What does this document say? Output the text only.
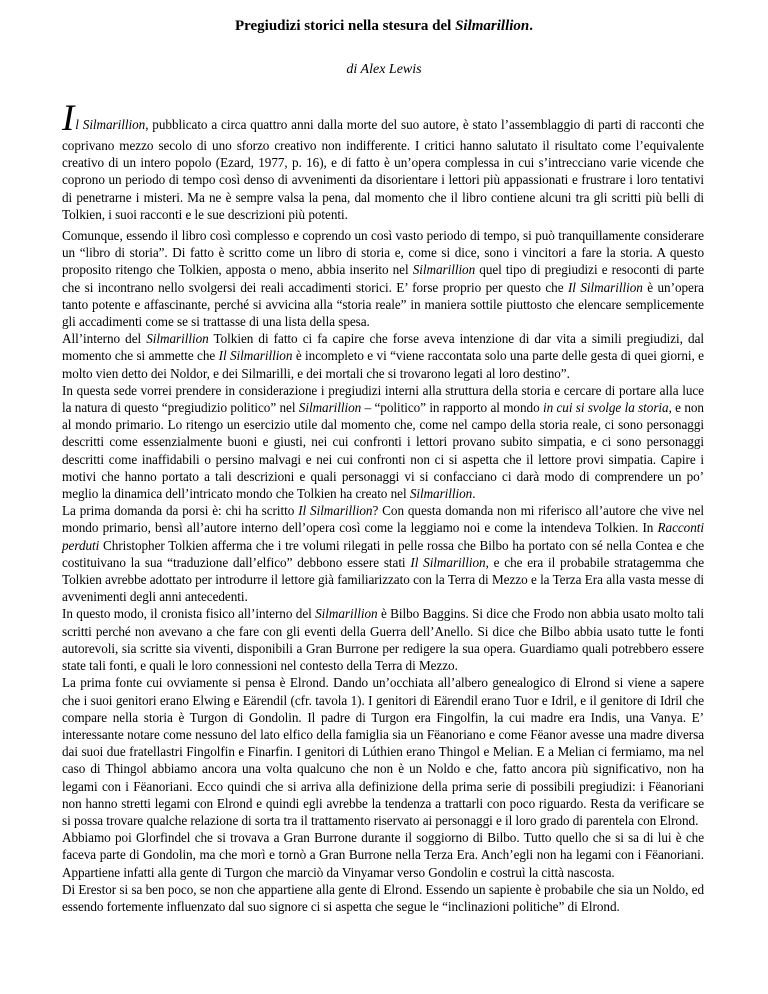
Pregiudizi storici nella stesura del Silmarillion.

di Alex Lewis

Il Silmarillion, pubblicato a circa quattro anni dalla morte del suo autore, è stato l’assemblaggio di parti di racconti che coprivano mezzo secolo di uno sforzo creativo non indifferente. I critici hanno salutato il risultato come l’equivalente creativo di un intero popolo (Ezard, 1977, p. 16), e di fatto è un’opera complessa in cui s’intrecciano varie vicende che coprono un periodo di tempo così denso di avvenimenti da disorientare i lettori più appassionati e frustrare i loro tentativi di penetrarne i misteri. Ma ne è sempre valsa la pena, dal momento che il libro contiene alcuni tra gli scritti più belli di Tolkien, i suoi racconti e le sue descrizioni più potenti.

Comunque, essendo il libro così complesso e coprendo un così vasto periodo di tempo, si può tranquillamente considerare un “libro di storia”. Di fatto è scritto come un libro di storia e, come si dice, sono i vincitori a fare la storia. A questo proposito ritengo che Tolkien, apposta o meno, abbia inserito nel Silmarillion quel tipo di pregiudizi e resoconti di parte che si incontrano nello svolgersi dei reali accadimenti storici. E’ forse proprio per questo che Il Silmarillion è un’opera tanto potente e affascinante, perché si avvicina alla “storia reale” in maniera sottile piuttosto che elencare semplicemente gli accadimenti come se si trattasse di una lista della spesa.

All’interno del Silmarillion Tolkien di fatto ci fa capire che forse aveva intenzione di dar vita a simili pregiudizi, dal momento che si ammette che Il Silmarillion è incompleto e vi “viene raccontata solo una parte delle gesta di quei giorni, e molto vien detto dei Noldor, e dei Silmarilli, e dei mortali che si trovarono legati al loro destino”.

In questa sede vorrei prendere in considerazione i pregiudizi interni alla struttura della storia e cercare di portare alla luce la natura di questo “pregiudizio politico” nel Silmarillion – “politico” in rapporto al mondo in cui si svolge la storia, e non al mondo primario. Lo ritengo un esercizio utile dal momento che, come nel campo della storia reale, ci sono personaggi descritti come essenzialmente buoni e giusti, nei cui confronti i lettori provano subito simpatia, e ci sono personaggi descritti come inaffidabili o persino malvagi e nei cui confronti non ci si aspetta che il lettore provi simpatia. Capire i motivi che hanno portato a tali descrizioni e quali personaggi vi si confacciano ci darà modo di comprendere un po’ meglio la dinamica dell’intricato mondo che Tolkien ha creato nel Silmarillion.

La prima domanda da porsi è: chi ha scritto Il Silmarillion? Con questa domanda non mi riferisco all’autore che vive nel mondo primario, bensì all’autore interno dell’opera così come la leggiamo noi e come la intendeva Tolkien. In Racconti perduti Christopher Tolkien afferma che i tre volumi rilegati in pelle rossa che Bilbo ha portato con sé nella Contea e che costituivano la sua “traduzione dall’elfico” debbono essere stati Il Silmarillion, e che era il probabile stratagemma che Tolkien avrebbe adottato per introdurre il lettore già familiarizzato con la Terra di Mezzo e la Terza Era alla vasta messe di avvenimenti degli anni antecedenti.

In questo modo, il cronista fisico all’interno del Silmarillion è Bilbo Baggins. Si dice che Frodo non abbia usato molto tali scritti perché non avevano a che fare con gli eventi della Guerra dell’Anello. Si dice che Bilbo abbia usato tutte le fonti autorevoli, sia scritte sia viventi, disponibili a Gran Burrone per redigere la sua opera. Guardiamo quali potrebbero essere state tali fonti, e quali le loro connessioni nel contesto della Terra di Mezzo.

La prima fonte cui ovviamente si pensa è Elrond. Dando un’occhiata all’albero genealogico di Elrond si viene a sapere che i suoi genitori erano Elwing e Eärendil (cfr. tavola 1). I genitori di Eärendil erano Tuor e Idril, e il genitore di Idril che compare nella storia è Turgon di Gondolin. Il padre di Turgon era Fingolfin, la cui madre era Indis, una Vanya. E’ interessante notare come nessuno del lato elfico della famiglia sia un Fëanoriano e come Fëanor avesse una madre diversa dai suoi due fratellastri Fingolfin e Finarfin. I genitori di Lúthien erano Thingol e Melian. E a Melian ci fermiamo, ma nel caso di Thingol abbiamo ancora una volta qualcuno che non è un Noldo e che, fatto ancora più significativo, non ha legami con i Fëanoriani. Ecco quindi che si arriva alla definizione della prima serie di possibili pregiudizi: i Fëanoriani non hanno stretti legami con Elrond e quindi egli avrebbe la tendenza a trattarli con poco riguardo. Resta da verificare se si possa trovare qualche relazione di sorta tra il trattamento riservato ai personaggi e il loro grado di parentela con Elrond.

Abbiamo poi Glorfindel che si trovava a Gran Burrone durante il soggiorno di Bilbo. Tutto quello che si sa di lui è che faceva parte di Gondolin, ma che morì e tornò a Gran Burrone nella Terza Era. Anch’egli non ha legami con i Fëanoriani. Appartiene infatti alla gente di Turgon che marciò da Vinyamar verso Gondolin e costruì la città nascosta.

Di Erestor si sa ben poco, se non che appartiene alla gente di Elrond. Essendo un sapiente è probabile che sia un Noldo, ed essendo fortemente influenzato dal suo signore ci si aspetta che segue le “inclinazioni politiche” di Elrond.
